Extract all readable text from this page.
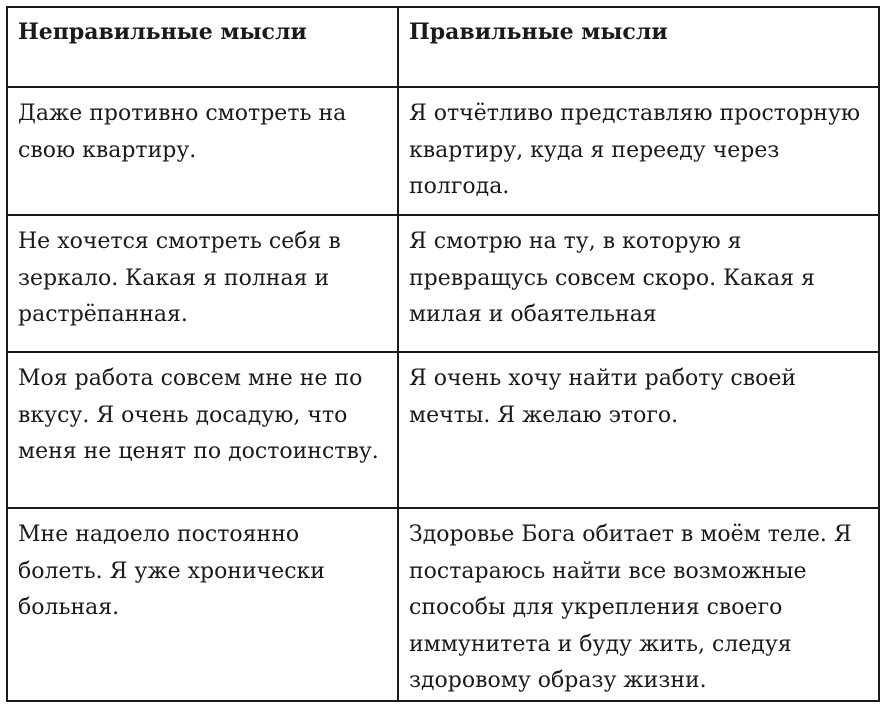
Неправильные мысли	Правильные мысли

Даже противно смотреть на свою квартиру.	Я отчётливо представляю просторную квартиру, куда я перееду через полгода.

Не хочется смотреть себя в зеркало. Какая я полная и растрёпанная.	Я смотрю на ту, в которую я превращусь совсем скоро. Какая я милая и обаятельная

Моя работа совсем мне не по вкусу. Я очень досадую, что меня не ценят по достоинству.	Я очень хочу найти работу своей мечты. Я желаю этого.

Мне надоело постоянно болеть. Я уже хронически больная.	Здоровье Бога обитает в моём теле. Я постараюсь найти все возможные способы для укрепления своего иммунитета и буду жить, следуя здоровому образу жизни.
